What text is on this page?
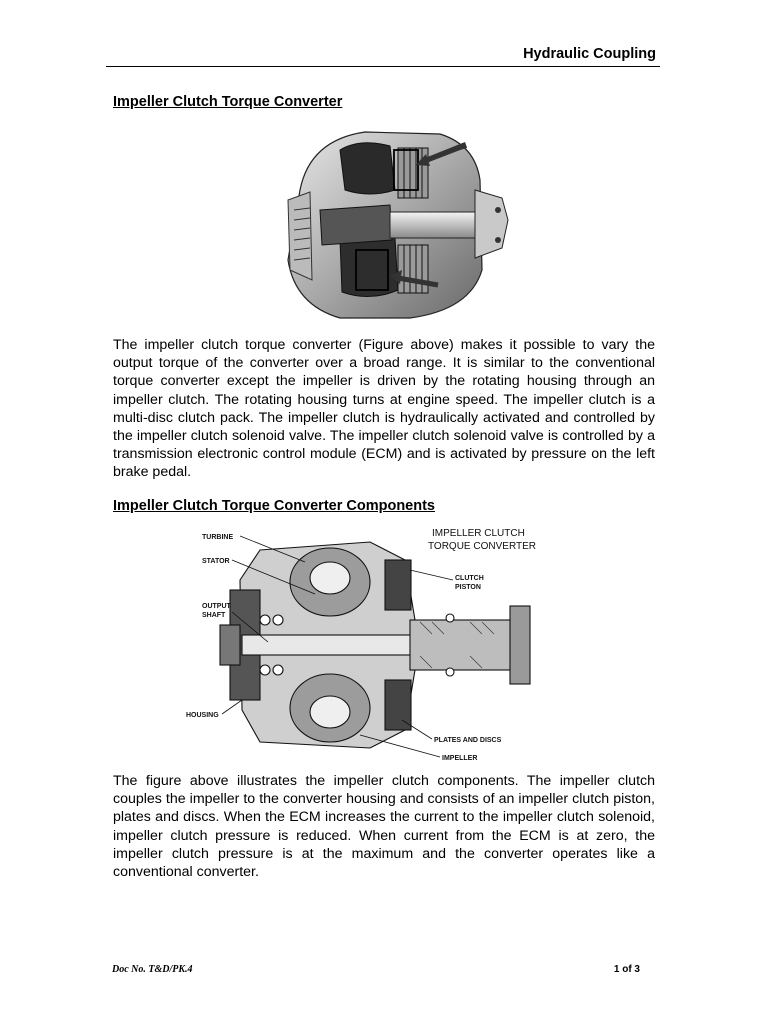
Hydraulic Coupling
Impeller Clutch Torque Converter

The impeller clutch torque converter (Figure above) makes it possible to vary the output torque of the converter over a broad range. It is similar to the conventional torque converter except the impeller is driven by the rotating housing through an impeller clutch. The rotating housing turns at engine speed. The impeller clutch is a multi-disc clutch pack. The impeller clutch is hydraulically activated and controlled by the impeller clutch solenoid valve. The impeller clutch solenoid valve is controlled by a transmission electronic control module (ECM) and is activated by pressure on the left brake pedal.

Impeller Clutch Torque Converter Components
IMPELLER CLUTCH
TORQUE CONVERTER
TURBINE
STATOR
OUTPUT
SHAFT
HOUSING
CLUTCH
PISTON
PLATES AND DISCS
IMPELLER

The figure above illustrates the impeller clutch components. The impeller clutch couples the impeller to the converter housing and consists of an impeller clutch piston, plates and discs. When the ECM increases the current to the impeller clutch solenoid, impeller clutch pressure is reduced. When current from the ECM is at zero, the impeller clutch pressure is at the maximum and the converter operates like a conventional converter.

Doc No. T&D/PK.4	1 of 3
